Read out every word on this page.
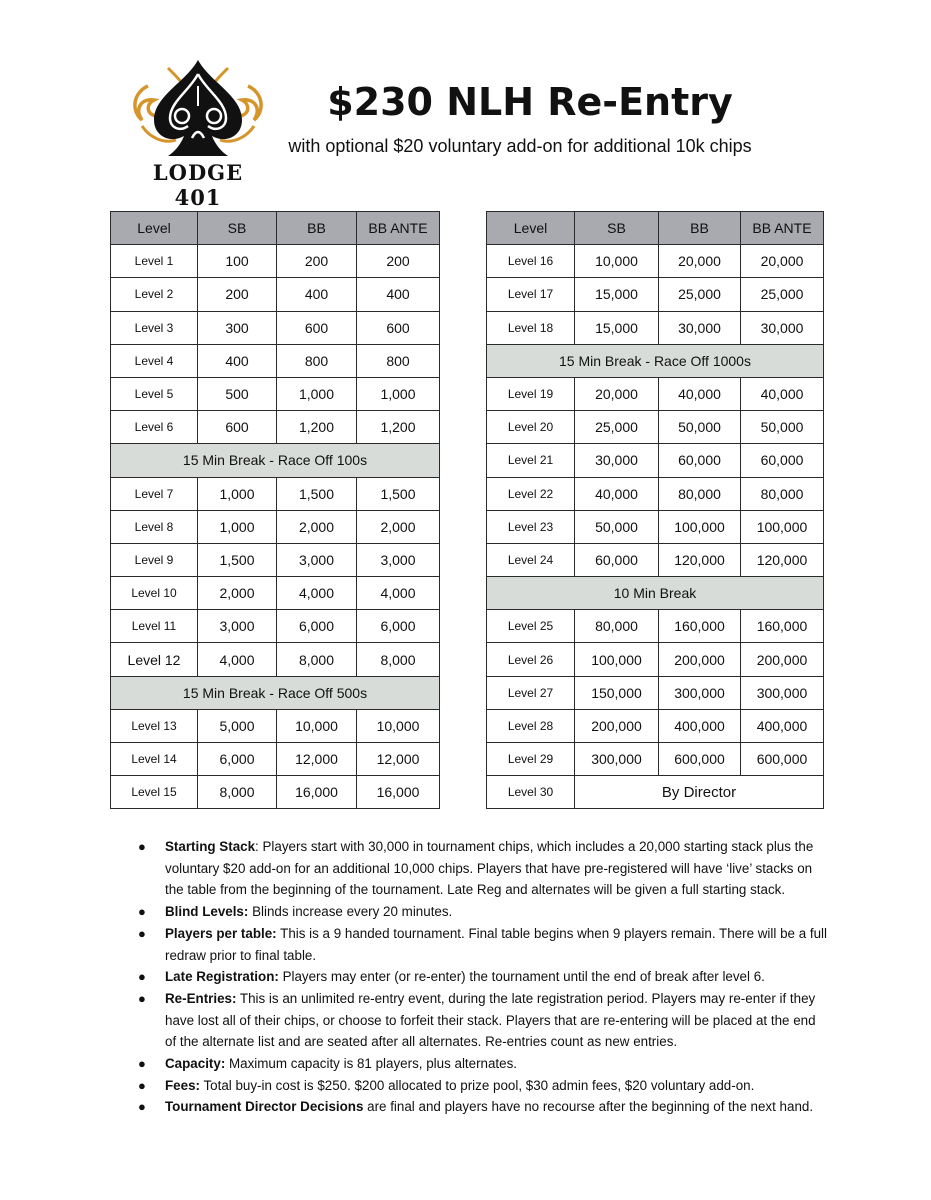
LODGE 401
$230 NLH Re-Entry
with optional $20 voluntary add-on for additional 10k chips
Level	SB	BB	BB ANTE
Level 1	100	200	200
Level 2	200	400	400
Level 3	300	600	600
Level 4	400	800	800
Level 5	500	1,000	1,000
Level 6	600	1,200	1,200
15 Min Break - Race Off 100s			
Level 7	1,000	1,500	1,500
Level 8	1,000	2,000	2,000
Level 9	1,500	3,000	3,000
Level 10	2,000	4,000	4,000
Level 11	3,000	6,000	6,000
Level 12	4,000	8,000	8,000
15 Min Break - Race Off 500s			
Level 13	5,000	10,000	10,000
Level 14	6,000	12,000	12,000
Level 15	8,000	16,000	16,000
Level	SB	BB	BB ANTE
Level 16	10,000	20,000	20,000
Level 17	15,000	25,000	25,000
Level 18	15,000	30,000	30,000
15 Min Break - Race Off 1000s			
Level 19	20,000	40,000	40,000
Level 20	25,000	50,000	50,000
Level 21	30,000	60,000	60,000
Level 22	40,000	80,000	80,000
Level 23	50,000	100,000	100,000
Level 24	60,000	120,000	120,000
10 Min Break			
Level 25	80,000	160,000	160,000
Level 26	100,000	200,000	200,000
Level 27	150,000	300,000	300,000
Level 28	200,000	400,000	400,000
Level 29	300,000	600,000	600,000
Level 30	By Director		
● Starting Stack: Players start with 30,000 in tournament chips, which includes a 20,000 starting stack plus the voluntary $20 add-on for an additional 10,000 chips. Players that have pre-registered will have ‘live’ stacks on the table from the beginning of the tournament. Late Reg and alternates will be given a full starting stack.
● Blind Levels: Blinds increase every 20 minutes.
● Players per table: This is a 9 handed tournament. Final table begins when 9 players remain. There will be a full redraw prior to final table.
● Late Registration: Players may enter (or re-enter) the tournament until the end of break after level 6.
● Re-Entries: This is an unlimited re-entry event, during the late registration period. Players may re-enter if they have lost all of their chips, or choose to forfeit their stack. Players that are re-entering will be placed at the end of the alternate list and are seated after all alternates. Re-entries count as new entries.
● Capacity: Maximum capacity is 81 players, plus alternates.
● Fees: Total buy-in cost is $250. $200 allocated to prize pool, $30 admin fees, $20 voluntary add-on.
● Tournament Director Decisions are final and players have no recourse after the beginning of the next hand.
